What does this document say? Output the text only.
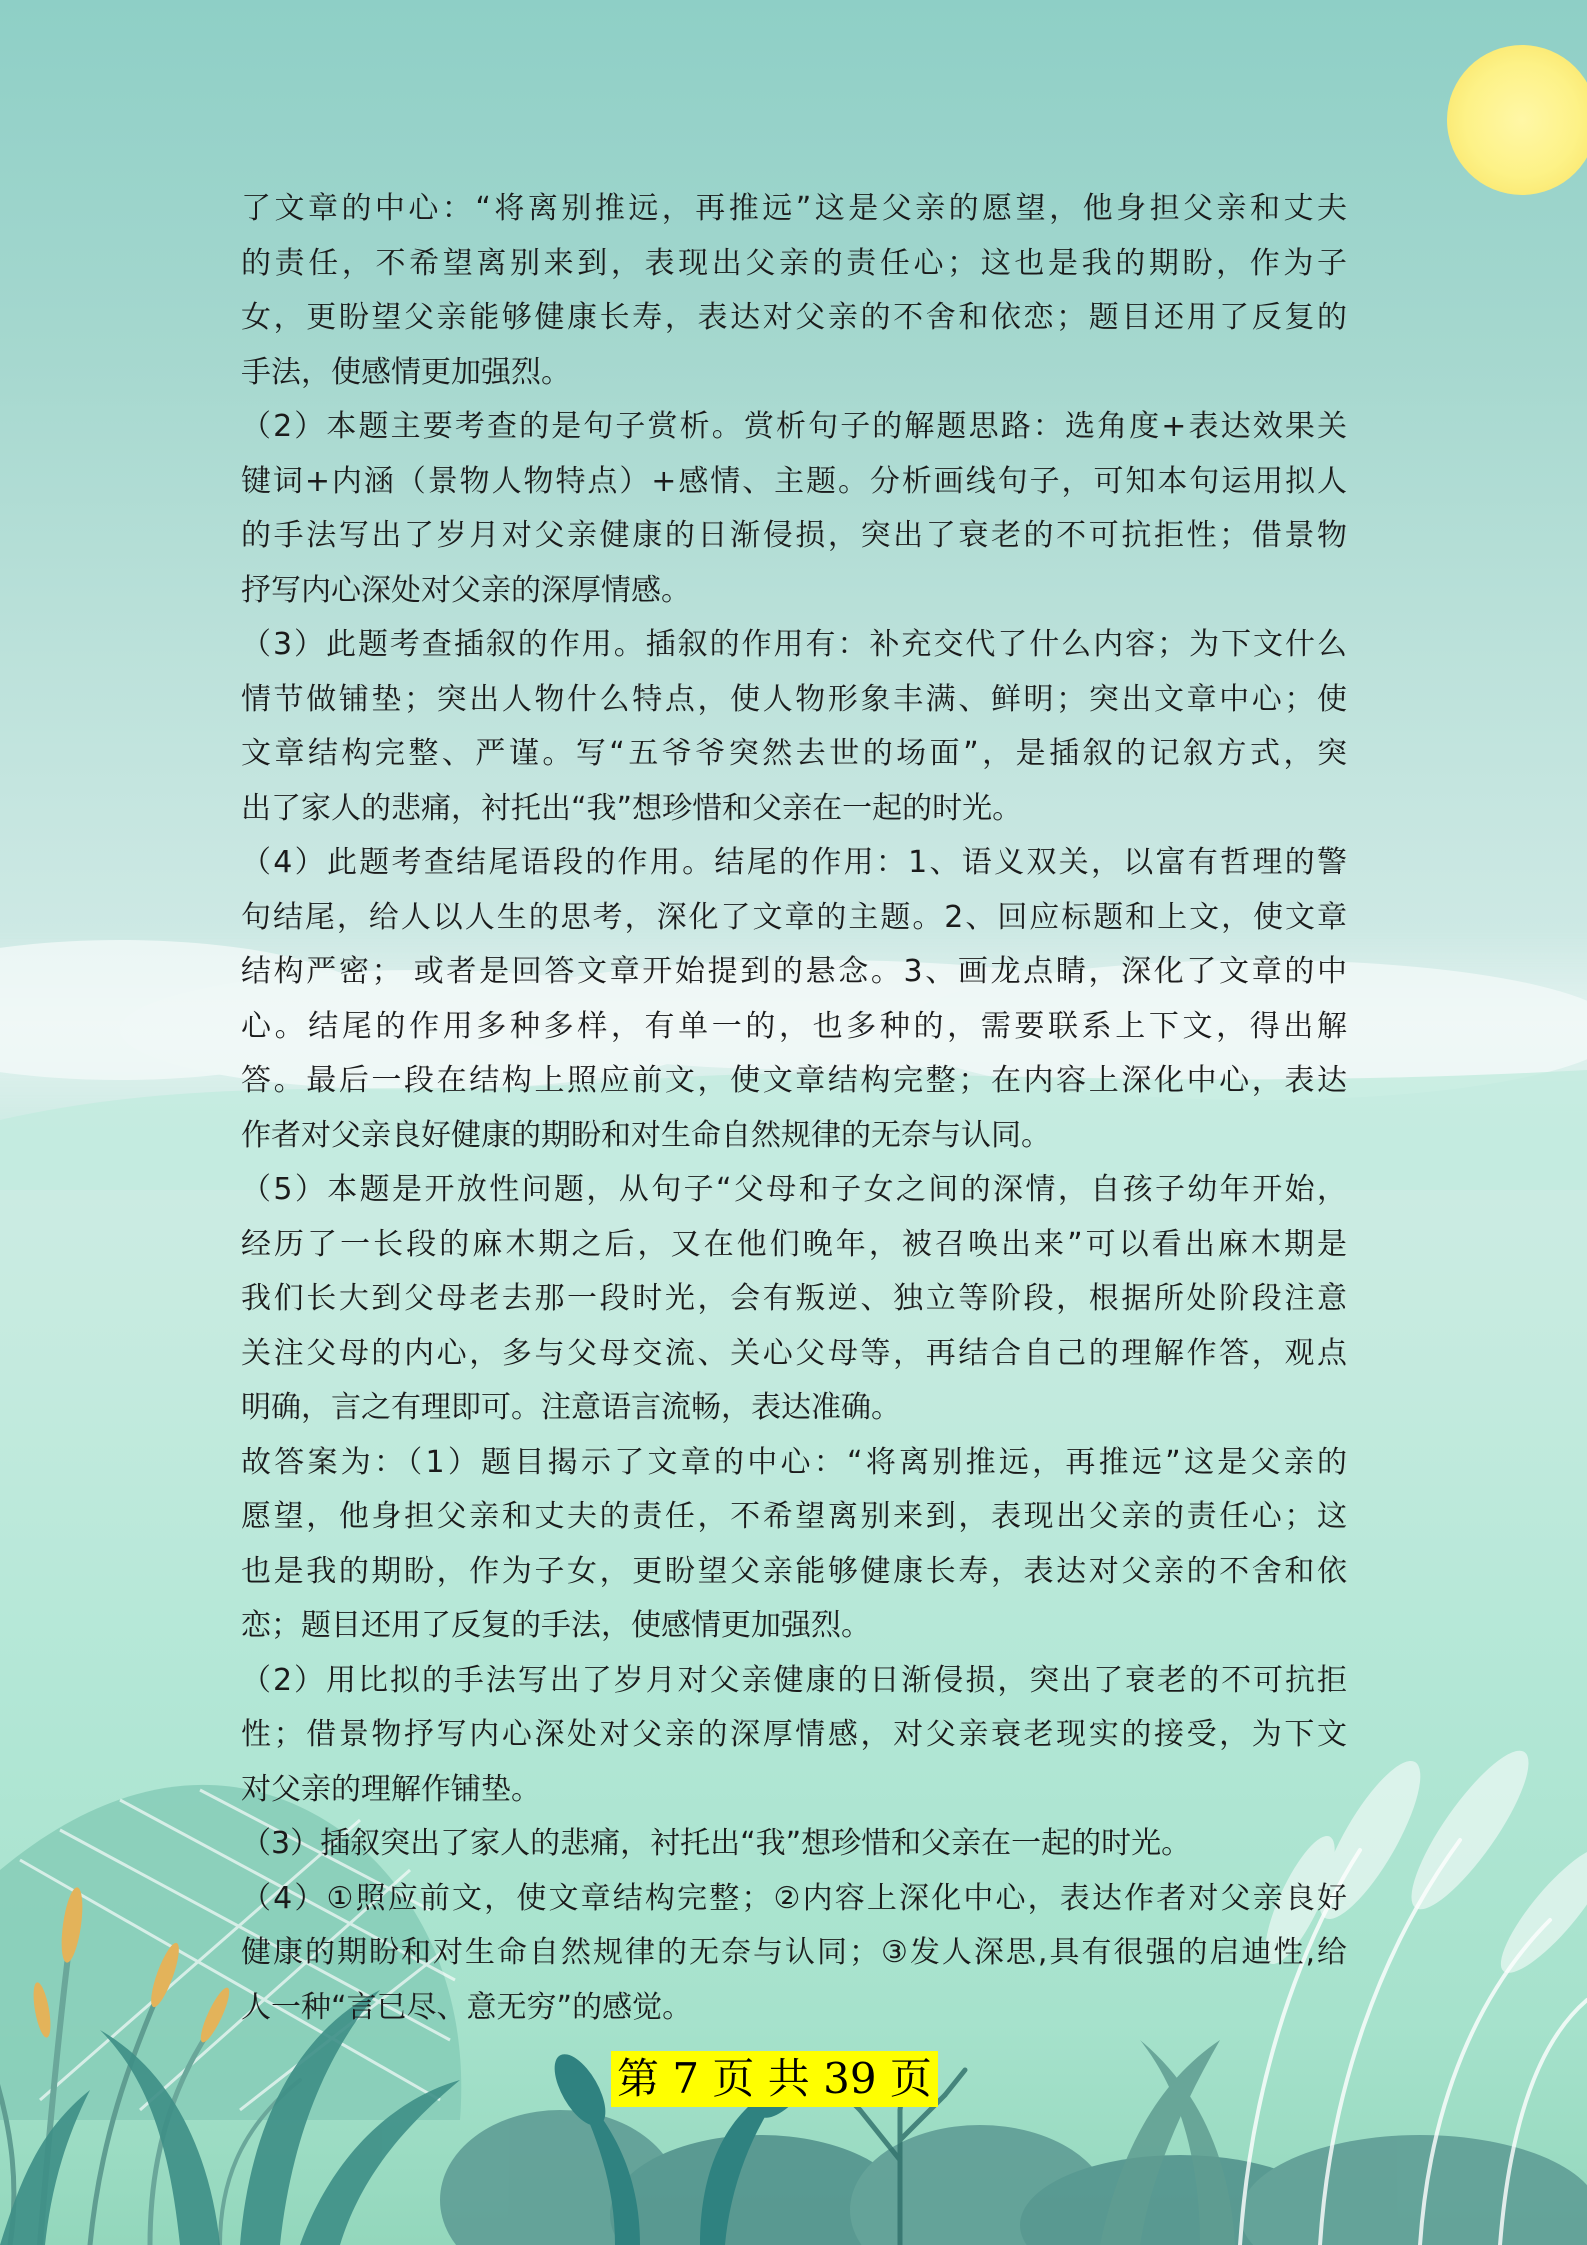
了文章的中心：“将离别推远，再推远”这是父亲的愿望，他身担父亲和丈夫
的责任，不希望离别来到，表现出父亲的责任心；这也是我的期盼，作为子
女，更盼望父亲能够健康长寿，表达对父亲的不舍和依恋；题目还用了反复的
手法，使感情更加强烈。
（2）本题主要考查的是句子赏析。赏析句子的解题思路：选角度+表达效果关
键词+内涵（景物人物特点）+感情、主题。分析画线句子，可知本句运用拟人
的手法写出了岁月对父亲健康的日渐侵损，突出了衰老的不可抗拒性；借景物
抒写内心深处对父亲的深厚情感。
（3）此题考查插叙的作用。插叙的作用有：补充交代了什么内容；为下文什么
情节做铺垫；突出人物什么特点，使人物形象丰满、鲜明；突出文章中心；使
文章结构完整、严谨。写“五爷爷突然去世的场面”，是插叙的记叙方式，突
出了家人的悲痛，衬托出“我”想珍惜和父亲在一起的时光。
（4）此题考查结尾语段的作用。结尾的作用：1、语义双关，以富有哲理的警
句结尾，给人以人生的思考，深化了文章的主题。2、回应标题和上文，使文章
结构严密； 或者是回答文章开始提到的悬念。3、画龙点睛，深化了文章的中
心。结尾的作用多种多样，有单一的，也多种的，需要联系上下文，得出解
答。最后一段在结构上照应前文，使文章结构完整；在内容上深化中心，表达
作者对父亲良好健康的期盼和对生命自然规律的无奈与认同。
（5）本题是开放性问题，从句子“父母和子女之间的深情，自孩子幼年开始，
经历了一长段的麻木期之后，又在他们晚年，被召唤出来”可以看出麻木期是
我们长大到父母老去那一段时光，会有叛逆、独立等阶段，根据所处阶段注意
关注父母的内心，多与父母交流、关心父母等，再结合自己的理解作答，观点
明确，言之有理即可。注意语言流畅，表达准确。
故答案为：（1）题目揭示了文章的中心：“将离别推远，再推远”这是父亲的
愿望，他身担父亲和丈夫的责任，不希望离别来到，表现出父亲的责任心；这
也是我的期盼，作为子女，更盼望父亲能够健康长寿，表达对父亲的不舍和依
恋；题目还用了反复的手法，使感情更加强烈。
（2）用比拟的手法写出了岁月对父亲健康的日渐侵损，突出了衰老的不可抗拒
性；借景物抒写内心深处对父亲的深厚情感，对父亲衰老现实的接受，为下文
对父亲的理解作铺垫。
（3）插叙突出了家人的悲痛，衬托出“我”想珍惜和父亲在一起的时光。
（4）①照应前文，使文章结构完整；②内容上深化中心，表达作者对父亲良好
健康的期盼和对生命自然规律的无奈与认同；③发人深思,具有很强的启迪性,给
人一种“言已尽、意无穷”的感觉。
第 7 页 共 39 页
